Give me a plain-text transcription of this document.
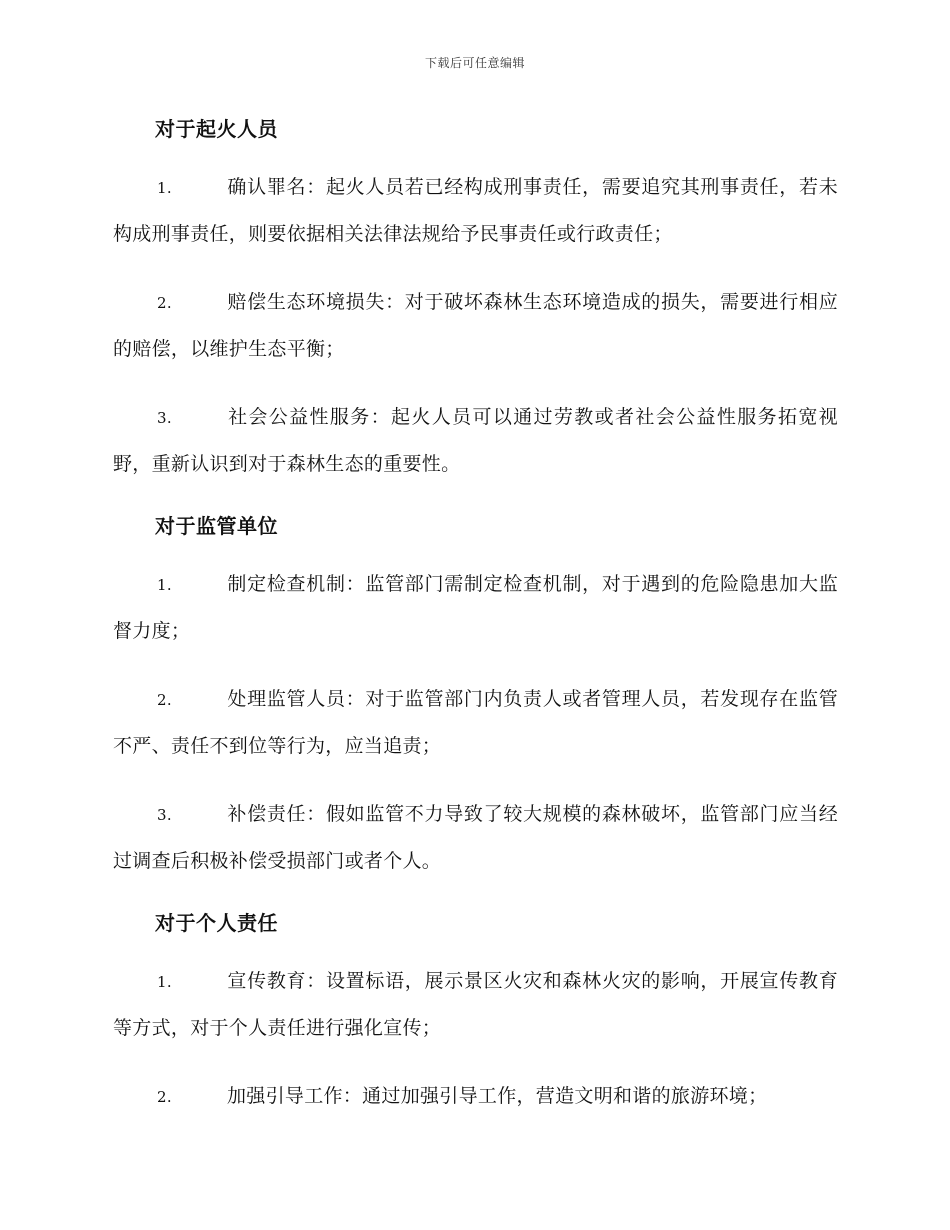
下载后可任意编辑
对于起火人员

1.	确认罪名：起火人员若已经构成刑事责任，需要追究其刑事责任，若未构成刑事责任，则要依据相关法律法规给予民事责任或行政责任；

2.	赔偿生态环境损失：对于破坏森林生态环境造成的损失，需要进行相应的赔偿，以维护生态平衡；

3.	社会公益性服务：起火人员可以通过劳教或者社会公益性服务拓宽视野，重新认识到对于森林生态的重要性。

对于监管单位

1.	制定检查机制：监管部门需制定检查机制，对于遇到的危险隐患加大监督力度；

2.	处理监管人员：对于监管部门内负责人或者管理人员，若发现存在监管不严、责任不到位等行为，应当追责；

3.	补偿责任：假如监管不力导致了较大规模的森林破坏，监管部门应当经过调查后积极补偿受损部门或者个人。

对于个人责任

1.	宣传教育：设置标语，展示景区火灾和森林火灾的影响，开展宣传教育等方式，对于个人责任进行强化宣传；

2.	加强引导工作：通过加强引导工作，营造文明和谐的旅游环境；
